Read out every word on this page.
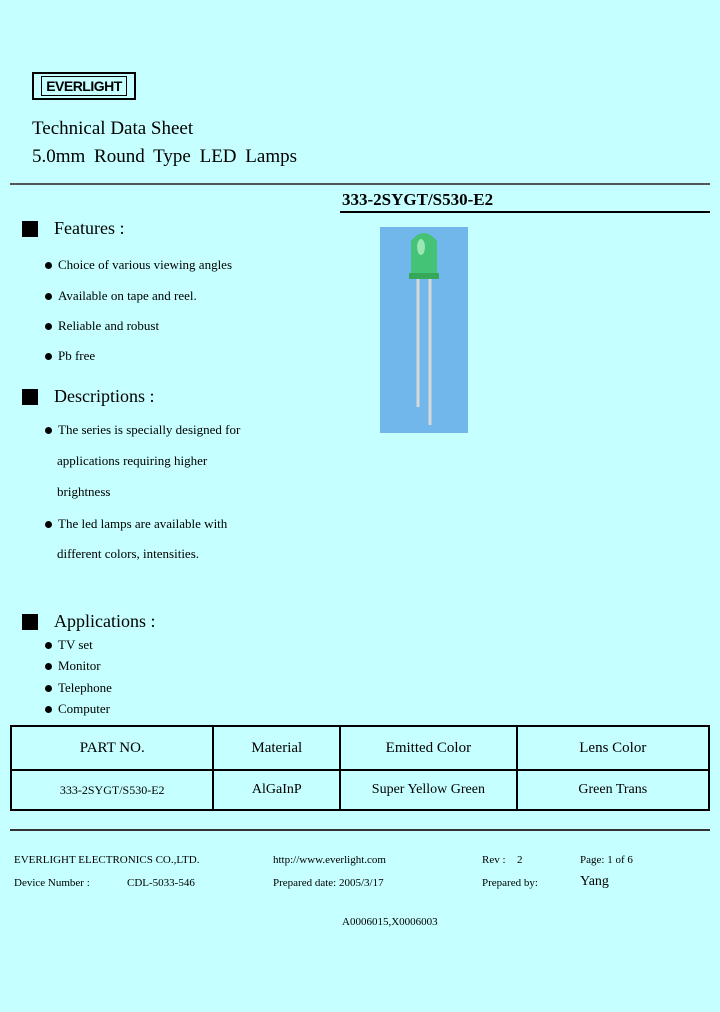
EVERLIGHT
Technical Data Sheet
5.0mm Round Type LED Lamps
333-2SYGT/S530-E2
Features :
Choice of various viewing angles
Available on tape and reel.
Reliable and robust
Pb free
Descriptions :
The series is specially designed for
applications requiring higher
brightness
The led lamps are available with
different colors, intensities.
Applications :
TV set
Monitor
Telephone
Computer
PART NO.	Material	Emitted Color	Lens Color
333-2SYGT/S530-E2	AlGaInP	Super Yellow Green	Green Trans
EVERLIGHT ELECTRONICS CO.,LTD.	http://www.everlight.com	Rev : 2	Page: 1 of 6
Device Number :	CDL-5033-546	Prepared date: 2005/3/17	Prepared by:	Yang
A0006015,X0006003
